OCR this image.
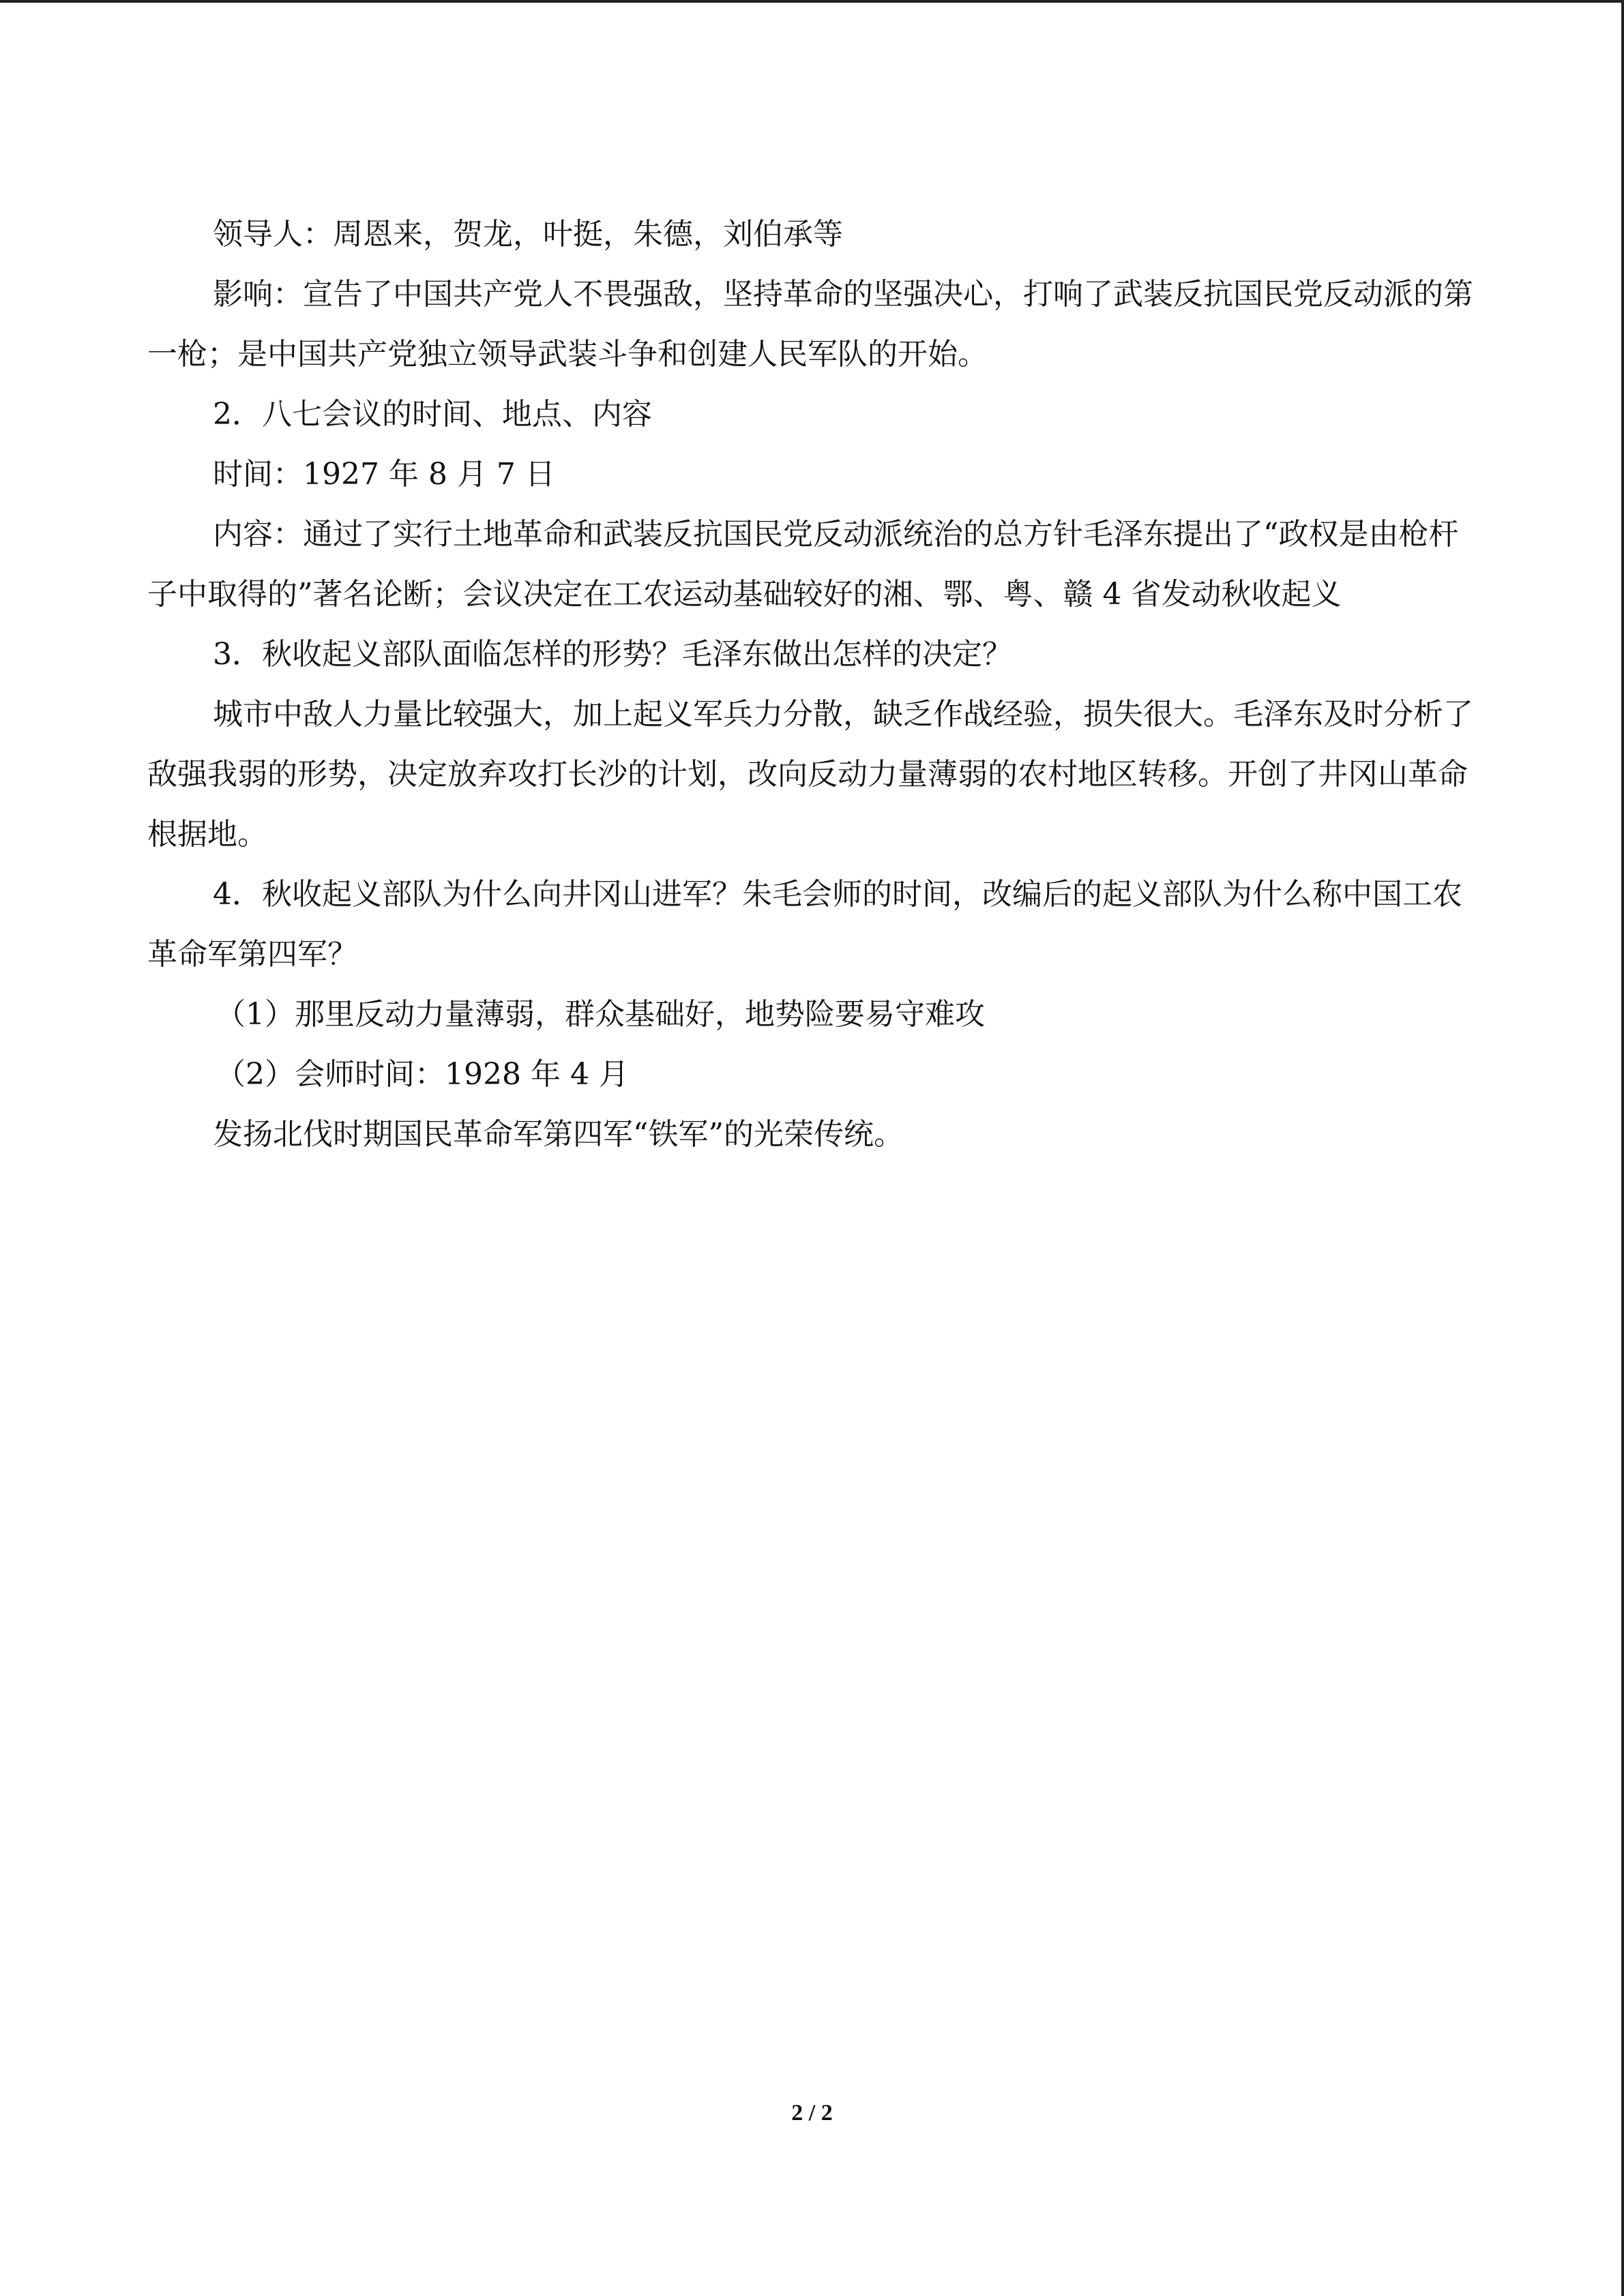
领导人：周恩来，贺龙，叶挺，朱德，刘伯承等

影响：宣告了中国共产党人不畏强敌，坚持革命的坚强决心，打响了武装反抗国民党反动派的第一枪；是中国共产党独立领导武装斗争和创建人民军队的开始。

2．八七会议的时间、地点、内容

时间：1927 年 8 月 7 日

内容：通过了实行土地革命和武装反抗国民党反动派统治的总方针毛泽东提出了“政权是由枪杆子中取得的”著名论断；会议决定在工农运动基础较好的湘、鄂、粤、赣 4 省发动秋收起义

3．秋收起义部队面临怎样的形势？毛泽东做出怎样的决定？

城市中敌人力量比较强大，加上起义军兵力分散，缺乏作战经验，损失很大。毛泽东及时分析了敌强我弱的形势，决定放弃攻打长沙的计划，改向反动力量薄弱的农村地区转移。开创了井冈山革命根据地。

4．秋收起义部队为什么向井冈山进军？朱毛会师的时间，改编后的起义部队为什么称中国工农革命军第四军？

（1）那里反动力量薄弱，群众基础好，地势险要易守难攻

（2）会师时间：1928 年 4 月

发扬北伐时期国民革命军第四军“铁军”的光荣传统。

2 / 2
